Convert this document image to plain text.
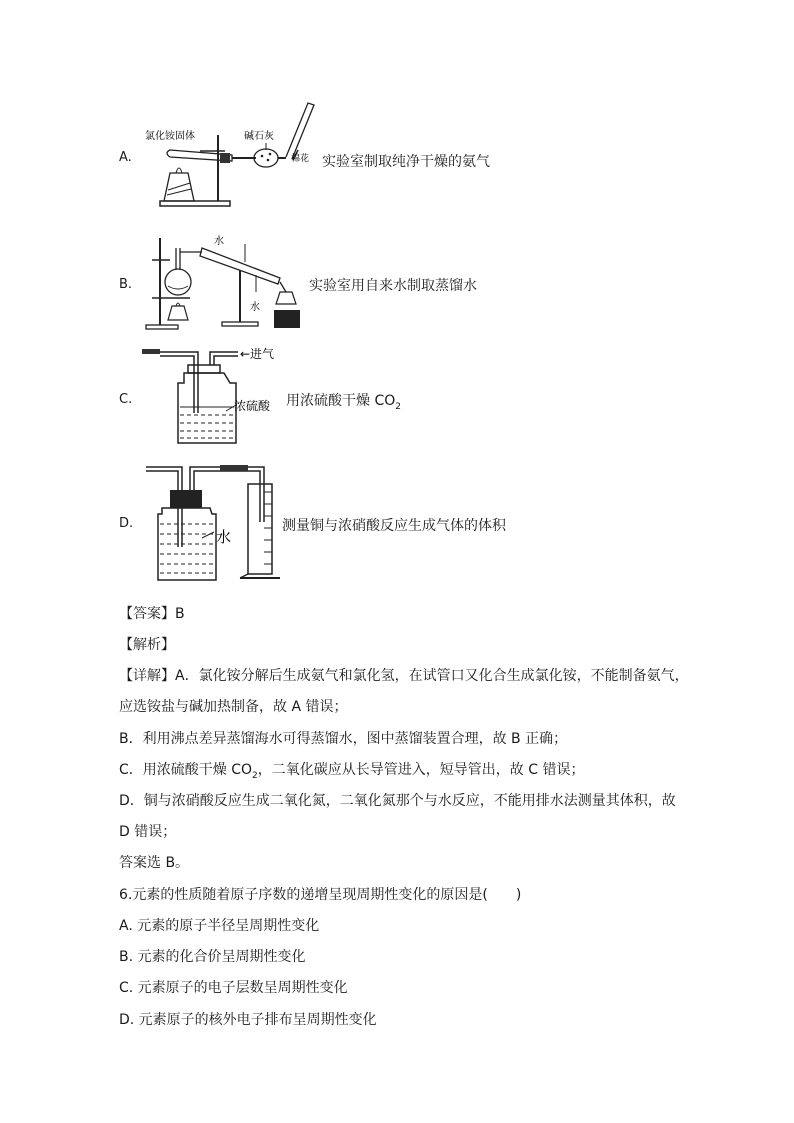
A.
氯化铵固体	碱石灰
棉花 实验室制取纯净干燥的氨气
B.
水
水
实验室用自来水制取蒸馏水
C.
←进气
浓硫酸 用浓硫酸干燥 $CO_2$
D.
水
测量铜与浓硝酸反应生成气体的体积
【答案】B
【解析】
【详解】A．氯化铵分解后生成氨气和氯化氢，在试管口又化合生成氯化铵，不能制备氨气，
应选铵盐与碱加热制备，故 A 错误；
B．利用沸点差异蒸馏海水可得蒸馏水，图中蒸馏装置合理，故 B 正确；
C．用浓硫酸干燥 $CO_2$，二氧化碳应从长导管进入，短导管出，故 C 错误；
D．铜与浓硝酸反应生成二氧化氮，二氧化氮那个与水反应，不能用排水法测量其体积，故
D 错误；
答案选 B。
6.元素的性质随着原子序数的递增呈现周期性变化的原因是(　　)
A. 元素的原子半径呈周期性变化
B. 元素的化合价呈周期性变化
C. 元素原子的电子层数呈周期性变化
D. 元素原子的核外电子排布呈周期性变化
